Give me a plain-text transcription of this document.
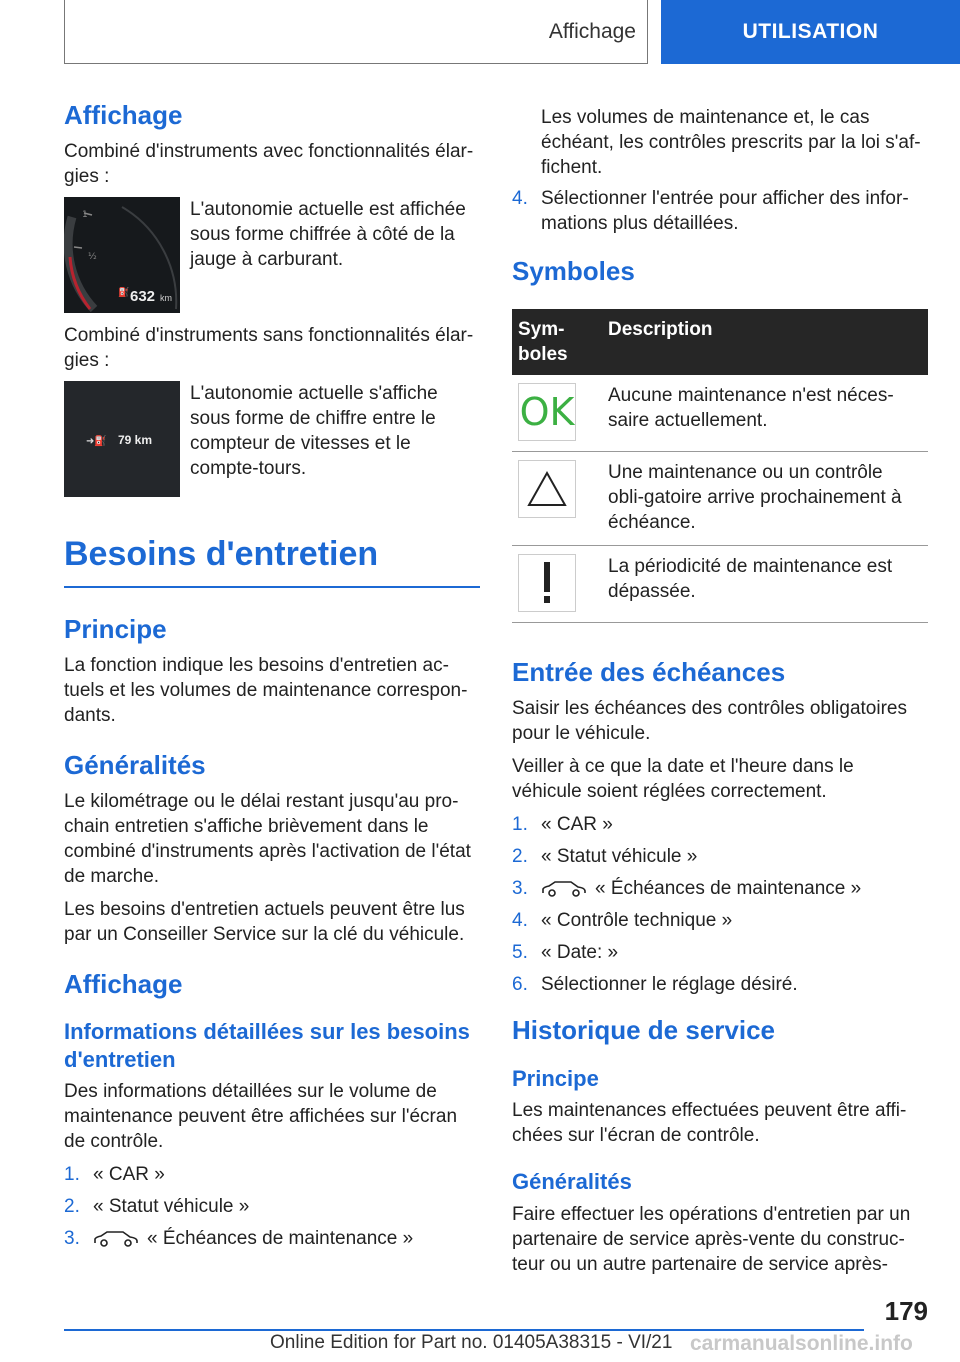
Affichage	UTILISATION
Affichage

Combiné d'instruments avec fonctionnalités élar-gies :

⛽
1
½
632 km
L'autonomie actuelle est affichée sous forme chiffrée à côté de la jauge à carburant.

Combiné d'instruments sans fonctionnalités élar-gies :

➜⛽ 79 km
L'autonomie actuelle s'affiche sous forme de chiffre entre le compteur de vitesses et le compte-tours.
Besoins d'entretien
Principe

La fonction indique les besoins d'entretien ac-tuels et les volumes de maintenance correspon-dants.

Généralités

Le kilométrage ou le délai restant jusqu'au pro-chain entretien s'affiche brièvement dans le combiné d'instruments après l'activation de l'état de marche.

Les besoins d'entretien actuels peuvent être lus par un Conseiller Service sur la clé du véhicule.

Affichage
Informations détaillées sur les besoins d'entretien

Des informations détaillées sur le volume de maintenance peuvent être affichées sur l'écran de contrôle.

1. « CAR »
2. « Statut véhicule »
3.	« Échéances de maintenance »
Les volumes de maintenance et, le cas échéant, les contrôles prescrits par la loi s'af-fichent.
4. Sélectionner l'entrée pour afficher des infor-mations plus détaillées.
Symboles
Sym-boles	Description

OK	Aucune maintenance n'est néces-saire actuellement.

	Une maintenance ou un contrôle obli-gatoire arrive prochainement à échéance.

	La périodicité de maintenance est dépassée.
Entrée des échéances

Saisir les échéances des contrôles obligatoires pour le véhicule.

Veiller à ce que la date et l'heure dans le véhicule soient réglées correctement.

1. « CAR »
2. « Statut véhicule »
3.	« Échéances de maintenance »
4. « Contrôle technique »
5. « Date: »
6. Sélectionner le réglage désiré.
Historique de service
Principe

Les maintenances effectuées peuvent être affi-chées sur l'écran de contrôle.

Généralités

Faire effectuer les opérations d'entretien par un partenaire de service après-vente du construc-teur ou un autre partenaire de service après-

179
Online Edition for Part no. 01405A38315 - VI/21 carmanualsonline.info
